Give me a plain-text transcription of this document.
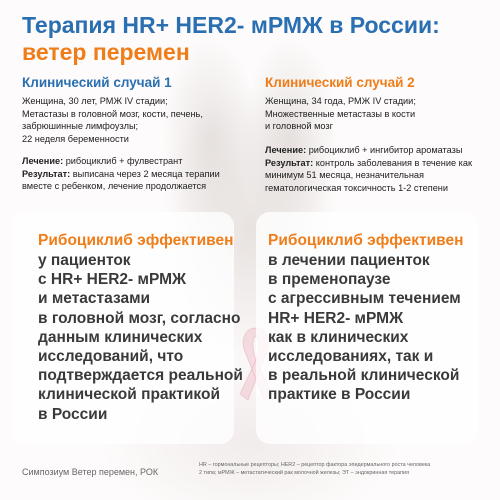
Терапия HR+ HER2- мРМЖ в России:
ветер перемен
Клинический случай 1
Женщина, 30 лет, РМЖ IV стадии;
Метастазы в головной мозг, кости, печень,
забрюшинные лимфоузлы;
22 неделя беременности
Лечение: рибоциклиб + фулвестрант
Результат: выписана через 2 месяца терапии
вместе с ребенком, лечение продолжается
Клинический случай 2
Женщина, 34 года, РМЖ IV стадии;
Множественные метастазы в кости
и головной мозг
Лечение: рибоциклиб + ингибитор ароматазы
Результат: контроль заболевания в течение как
минимум 51 месяца, незначительная
гематологическая токсичность 1-2 степени
Рибоциклиб эффективен
у пациенток
с HR+ HER2- мРМЖ
и метастазами
в головной мозг, согласно
данным клинических
исследований, что
подтверждается реальной
клинической практикой
в России
Рибоциклиб эффективен
в лечении пациенток
в пременопаузе
с агрессивным течением
HR+ HER2- мРМЖ
как в клинических
исследованиях, так и
в реальной клинической
практике в России
Симпозиум Ветер перемен, РОК
HR – гормональные рецепторы; HER2 – рецептор фактора эпидермального роста человека
2 типа; мРМЖ – метастатический рак молочной железы; ЭТ – эндокринная терапия
